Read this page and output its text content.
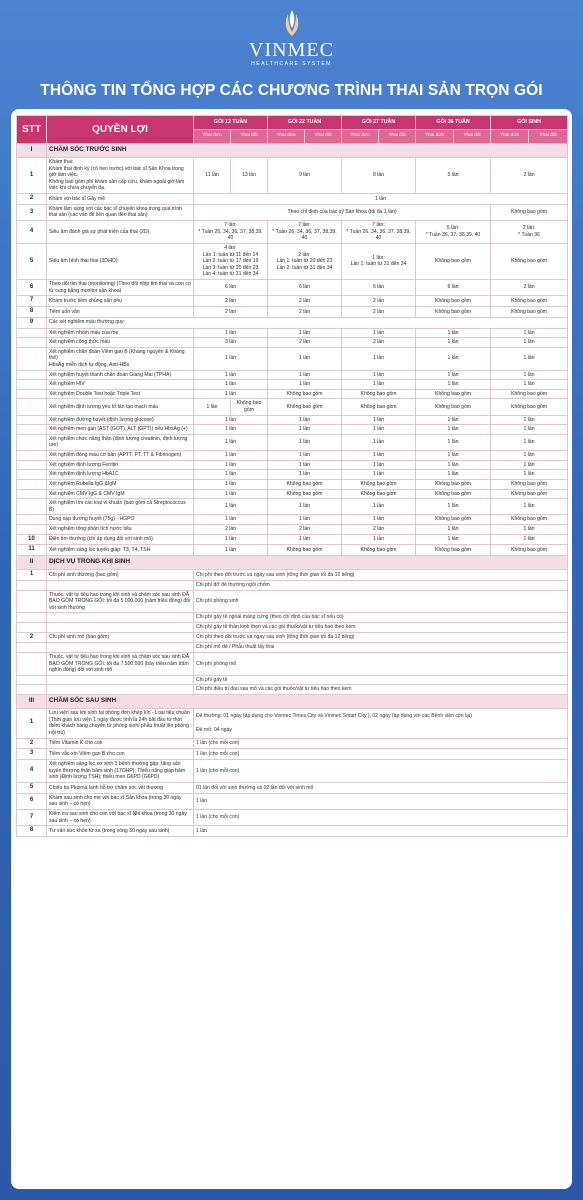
VINMEC
HEALTHCARE SYSTEM
THÔNG TIN TỔNG HỢP CÁC CHƯƠNG TRÌNH THAI SẢN TRỌN GÓI
STT	QUYỀN LỢI	GÓI 12 TUẦN		GÓI 22 TUẦN		GÓI 27 TUẦN		GÓI 36 TUẦN		GÓI SINH	
		Thai đơn	Thai đôi	Thai đơn	Thai đôi	Thai đơn	Thai đôi	Thai đơn	Thai đôi	Thai đơn	Thai đôi
I	CHĂM SÓC TRƯỚC SINH										
1	Khám thai:
Khám thai định kỳ (có hẹn trước) với bác sĩ Sản Khoa trong giờ làm việc.
Không bao gồm phí khám sản cấp cứu, khám ngoài giờ làm việc khi chưa chuyển dạ.	11 lần	13 lần	9 lần		8 lần		5 lần		2 lần	
2	Khám với bác sĩ Gây mê	1 lần									
3	Khám lâm sàng với các bác sĩ chuyên khoa trong quá trình thai sản (các vấn đề liên quan đến thai sản)	Theo chỉ định của bác sỹ Sản khoa (tối đa 1 lần)								Không bao gồm	
4	Siêu âm đánh giá sự phát triển của thai (2D)	7 lần:
* Tuần 26, 34, 36, 37, 38,39, 40		7 lần:
* Tuần 26, 34, 36, 37, 38,39, 40		7 lần:
* Tuần 26, 34, 36, 37, 38,39, 40		5 lần:
* Tuần 36, 37, 38,39, 40		2 lần:
* Tuần 36	
5	Siêu âm hình thái thai (3D/4D)	4 lần:
Lần 1: tuần từ 11 đến 14
Lần 2: tuần từ 17 đến 19
Lần 3: tuần từ 20 đến 23
Lần 4: tuần từ 31 đến 34		2 lần:
Lần 1: tuần từ 20 đến 23
Lần 2: tuần từ 31 đến 34		1 lần:
Lần 1: tuần từ 31 đến 34		Không bao gồm		Không bao gồm	
6	Theo dõi tim thai (monitoring) (Theo dõi nhịp tim thai và cơn co tử cung bằng monitor sản khoa)	6 lần		6 lần		6 lần		6 lần		2 lần	
7	Khám trước tiêm chủng sản phụ	2 lần		2 lần		2 lần		Không bao gồm		Không bao gồm	
8	Tiêm uốn ván	2 lần		2 lần		2 lần		Không bao gồm		Không bao gồm	
9	Các xét nghiệm máu thường quy:										
	Xét nghiệm nhóm máu của mẹ	1 lần		1 lần		1 lần		1 lần		1 lần	
	Xét nghiệm công thức máu	3 lần		2 lần		2 lần		1 lần		1 lần	
	Xét nghiệm chẩn đoán Viêm gan B (Kháng nguyên & Kháng thể)
HbsAg miễn dịch tự động, Anti-HBs	1 lần		1 lần		1 lần		1 lần		1 lần	
	Xét nghiệm huyết thanh chẩn đoán Giang Mai (TPHA)	1 lần		1 lần		1 lần		1 lần		1 lần	
	Xét nghiệm HIV	1 lần		1 lần		1 lần		1 lần		1 lần	
	Xét nghiệm Double Test hoặc Triple Test	1 lần		Không bao gồm		Không bao gồm		Không bao gồm		Không bao gồm	
	Xét nghiệm định lượng yếu tố tăn tạo mạch máu	1 lần	Không bao gồm	Không bao gồm		Không bao gồm		Không bao gồm		Không bao gồm	
	Xét nghiệm đường huyết (định lượng glucose)	1 lần		1 lần		1 lần		1 lần		1 lần	
	Xét nghiệm men gan (AST (GOT), ALT (GPT)) nếu HbsAg (+)	1 lần		1 lần		1 lần		1 lần		1 lần	
	Xét nghiệm chức năng thận (định lượng creatinin, định lượng ure)	1 lần		1 lần		1 lần		1 lần		1 lần	
	Xét nghiệm đông máu cơ bản (APTT, PT, TT & Fibrinogen)	1 lần		1 lần		1 lần		1 lần		1 lần	
	Xét nghiệm định lượng Ferritin	1 lần		1 lần		1 lần		1 lần		1 lần	
	Xét nghiệm định lượng HbA1C	1 lần		1 lần		1 lần		1 lần		1 lần	
	Xét nghiệm Rubella IgG &IgM	1 lần		Không bao gồm		Không bao gồm		Không bao gồm		Không bao gồm	
	Xét nghiệm CMV IgG & CMV IgM	1 lần		Không bao gồm		Không bao gồm		Không bao gồm		Không bao gồm	
	Xét nghiệm tìm các loại vi khuẩn (bao gồm cả Streptococcus B)	1 lần		1 lần		1 lần		1 lần		1 lần	
	Dung nạp đường huyết (75g) - HGPO	1 lần		1 lần		1 lần		Không bao gồm		Không bao gồm	
	Xét nghiệm tổng phân tích nước tiểu	2 lần		2 lần		2 lần		1 lần		1 lần	
10	Điện tim thường (chỉ áp dụng đối với sinh mổ)	1 lần		1 lần		1 lần		1 lần		1 lần	
11	Xét nghiệm sàng lọc tuyến giáp: T3, T4, TSH	1 lần		Không bao gồm		Không bao gồm		Không bao gồm		Không bao gồm	
II	DỊCH VỤ TRONG KHI SINH										
1	Chi phí sinh thường (bao gồm)	Chi phí theo dõi trước và ngay sau sinh (tổng thời gian tối đa 12 tiếng)									
		Chi phí đỡ đẻ thường ngôi chỏm									
	Thuốc, vật tư tiêu hao trong khi sinh và chăm sóc sau sinh ĐÃ BAO GỒM TRONG GÓI: tối đa 5.000.000 (năm triệu đồng) đối với sinh thường	Chi phí phòng sinh									
		Chi phí gây tê ngoài màng cứng (theo chỉ định của bác sĩ nếu có)									
		Chi phí gây tê thần kinh thẹn và các gói thuốc/vật tư tiêu hao theo kèm									
2	Chi phí sinh mổ (bao gồm)	Chi phí theo dõi trước và ngay sau sinh (tổng thời gian tối đa 12 tiếng)									
		Chi phí mổ đẻ / Phẫu thuật lấy thai									
	Thuốc, vật tư tiêu hao trong khi sinh và chăm sóc sau sinh ĐÃ BAO GỒM TRONG GÓI: tối đa 7.500.000 (bảy triệu năm trăm nghìn đồng) đối với sinh mổ	Chi phí phòng mổ									
		Chi phí gây tê									
		Chi phí điều trị đau sau mổ và các gói thuốc/vật tư tiêu hao theo kèm									
III	CHĂM SÓC SAU SINH										
1	Lưu viện sau khi sinh tại phòng đơn khép kín - Loại tiêu chuẩn (Thời gian lưu viện 1 ngày được tính là 24h bắt đầu từ thời điểm khách hàng chuyển từ phòng sinh/ phẫu thuật lên phòng nội trú)	Đẻ thường: 01 ngày (áp dụng cho Vinmec Times City và Vinmec Smart City ), 02 ngày (áp dụng với các Bệnh viện còn lại)

Đẻ mổ: 04 ngày									
2	Tiêm Vitamin K cho con	1 lần (cho mỗi con)									
3	Tiêm vắc-xin Viêm gan B cho con	1 lần (cho mỗi con)									
4	Xét nghiệm sàng lọc sơ sinh 3 bệnh thường gặp: tăng sản tuyến thượng thận bẩm sinh (17OHP); Thiểu năng giáp bẩm sinh (Định lượng TSH); thiếu men G6PD (G6PD)	1 lần (cho mỗi con)									
5	Chiếu tia Plasma lạnh hỗ trợ chăm sóc vết thương	01 lần đối với sinh thường và 02 lần đối với sinh mổ									
6	Khám sau sinh cho mẹ với bác sĩ Sản khoa (trong 30 ngày sau sinh – có hẹn)	1 lần									
7	Kiểm tra sau sinh cho con với bác sĩ Nhi khoa (trong 30 ngày sau sinh – có hẹn)	1 lần (cho mỗi con)									
8	Tư vấn sức khỏe từ xa (trong vòng 30 ngày sau sinh)	1 lần									
